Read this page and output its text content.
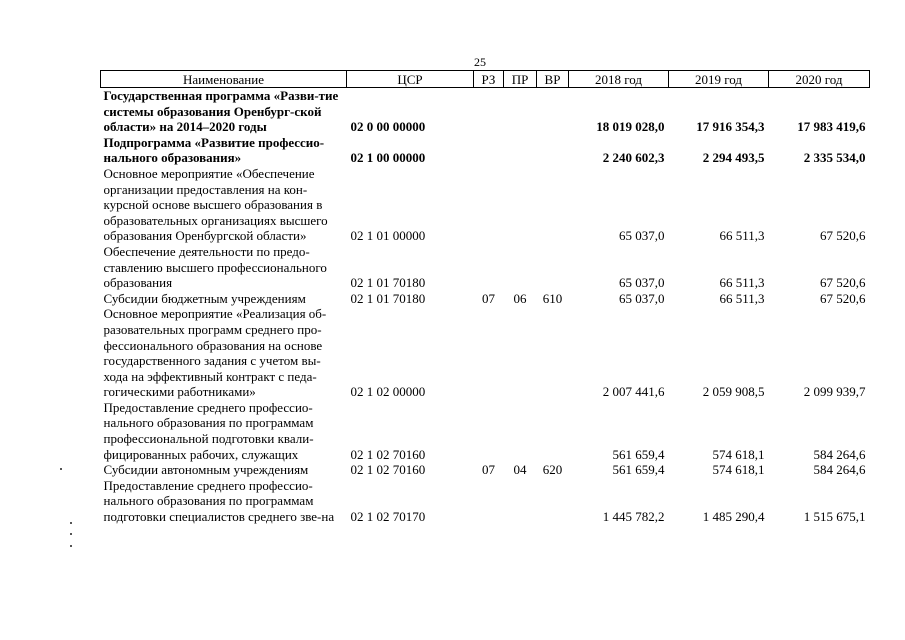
25
Наименование	ЦСР	РЗ	ПР	ВР	2018 год	2019 год	2020 год
Государственная программа «Разви-тие системы образования Оренбург-ской области» на 2014–2020 годы	02 0 00 00000				18 019 028,0	17 916 354,3	17 983 419,6
Подпрограмма «Развитие профессио-нального образования»	02 1 00 00000				2 240 602,3	2 294 493,5	2 335 534,0
Основное мероприятие «Обеспечение организации предоставления на кон-курсной основе высшего образования в образовательных организациях высшего образования Оренбургской области»	02 1 01 00000				65 037,0	66 511,3	67 520,6
Обеспечение деятельности по предо-ставлению высшего профессионального образования	02 1 01 70180				65 037,0	66 511,3	67 520,6
Субсидии бюджетным учреждениям	02 1 01 70180	07	06	610	65 037,0	66 511,3	67 520,6
Основное мероприятие «Реализация об-разовательных программ среднего про-фессионального образования на основе государственного задания с учетом вы-хода на эффективный контракт с педа-гогическими работниками»	02 1 02 00000				2 007 441,6	2 059 908,5	2 099 939,7
Предоставление среднего профессио-нального образования по программам профессиональной подготовки квали-фицированных рабочих, служащих	02 1 02 70160				561 659,4	574 618,1	584 264,6
Субсидии автономным учреждениям	02 1 02 70160	07	04	620	561 659,4	574 618,1	584 264,6
Предоставление среднего профессио-нального образования по программам подготовки специалистов среднего зве-на	02 1 02 70170				1 445 782,2	1 485 290,4	1 515 675,1
